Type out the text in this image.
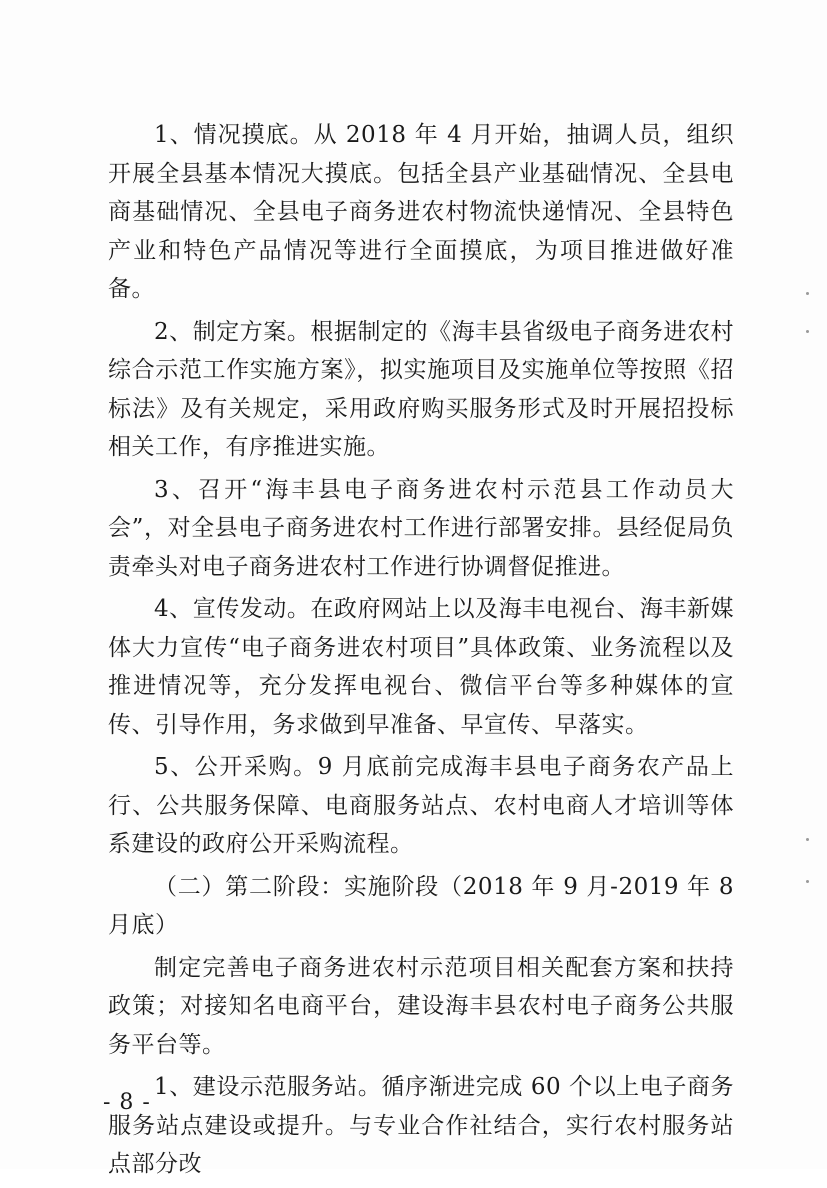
1、情况摸底。从 2018 年 4 月开始，抽调人员，组织开展全县基本情况大摸底。包括全县产业基础情况、全县电商基础情况、全县电子商务进农村物流快递情况、全县特色产业和特色产品情况等进行全面摸底，为项目推进做好准备。

2、制定方案。根据制定的《海丰县省级电子商务进农村综合示范工作实施方案》，拟实施项目及实施单位等按照《招标法》及有关规定，采用政府购买服务形式及时开展招投标相关工作，有序推进实施。

3、召开“海丰县电子商务进农村示范县工作动员大会”，对全县电子商务进农村工作进行部署安排。县经促局负责牵头对电子商务进农村工作进行协调督促推进。

4、宣传发动。在政府网站上以及海丰电视台、海丰新媒体大力宣传“电子商务进农村项目”具体政策、业务流程以及推进情况等，充分发挥电视台、微信平台等多种媒体的宣传、引导作用，务求做到早准备、早宣传、早落实。

5、公开采购。9 月底前完成海丰县电子商务农产品上行、公共服务保障、电商服务站点、农村电商人才培训等体系建设的政府公开采购流程。

（二）第二阶段：实施阶段（2018 年 9 月-2019 年 8 月底）

制定完善电子商务进农村示范项目相关配套方案和扶持政策；对接知名电商平台，建设海丰县农村电子商务公共服务平台等。

1、建设示范服务站。循序渐进完成 60 个以上电子商务服务站点建设或提升。与专业合作社结合，实行农村服务站点部分改

- 8 -
